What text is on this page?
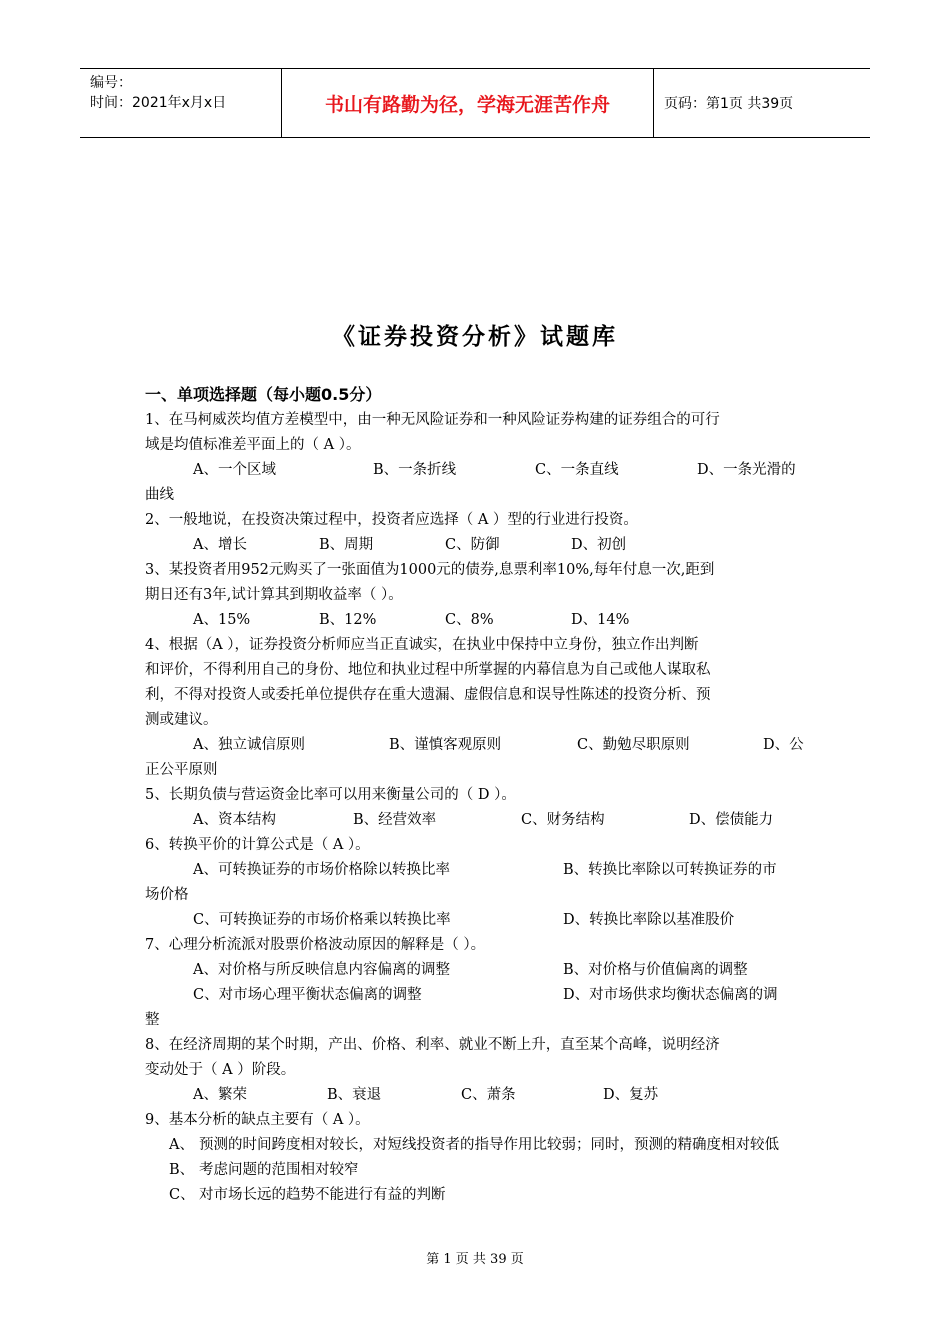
编号：
时间：2021年x月x日	书山有路勤为径，学海无涯苦作舟	页码：第1页 共39页
《证券投资分析》试题库
一、单项选择题（每小题0.5分）
1、在马柯威茨均值方差模型中，由一种无风险证券和一种风险证券构建的证券组合的可行
域是均值标准差平面上的（ A ）。
A、一个区域	B、一条折线	C、一条直线	D、一条光滑的
曲线
2、一般地说，在投资决策过程中，投资者应选择（ A ）型的行业进行投资。
A、增长	B、周期	C、防御	D、初创
3、某投资者用952元购买了一张面值为1000元的债券,息票利率10%,每年付息一次,距到
期日还有3年,试计算其到期收益率（ ）。
A、15%	B、12%	C、8%	D、14%
4、根据（A ），证券投资分析师应当正直诚实，在执业中保持中立身份，独立作出判断
和评价，不得利用自己的身份、地位和执业过程中所掌握的内幕信息为自己或他人谋取私
利，不得对投资人或委托单位提供存在重大遗漏、虚假信息和误导性陈述的投资分析、预
测或建议。
A、独立诚信原则	B、谨慎客观原则	C、勤勉尽职原则	D、公
正公平原则
5、长期负债与营运资金比率可以用来衡量公司的（ D ）。
A、资本结构	B、经营效率	C、财务结构	D、偿债能力
6、转换平价的计算公式是（ A ）。
A、可转换证券的市场价格除以转换比率	B、转换比率除以可转换证券的市
场价格
C、可转换证券的市场价格乘以转换比率	D、转换比率除以基准股价
7、心理分析流派对股票价格波动原因的解释是（ ）。
A、对价格与所反映信息内容偏离的调整	B、对价格与价值偏离的调整
C、对市场心理平衡状态偏离的调整	D、对市场供求均衡状态偏离的调
整
8、在经济周期的某个时期，产出、价格、利率、就业不断上升，直至某个高峰，说明经济
变动处于（ A ）阶段。
A、繁荣	B、衰退	C、萧条	D、复苏
9、基本分析的缺点主要有（ A ）。
A、 预测的时间跨度相对较长，对短线投资者的指导作用比较弱；同时，预测的精确度相对较低
B、 考虑问题的范围相对较窄
C、 对市场长远的趋势不能进行有益的判断
第 1 页 共 39 页
